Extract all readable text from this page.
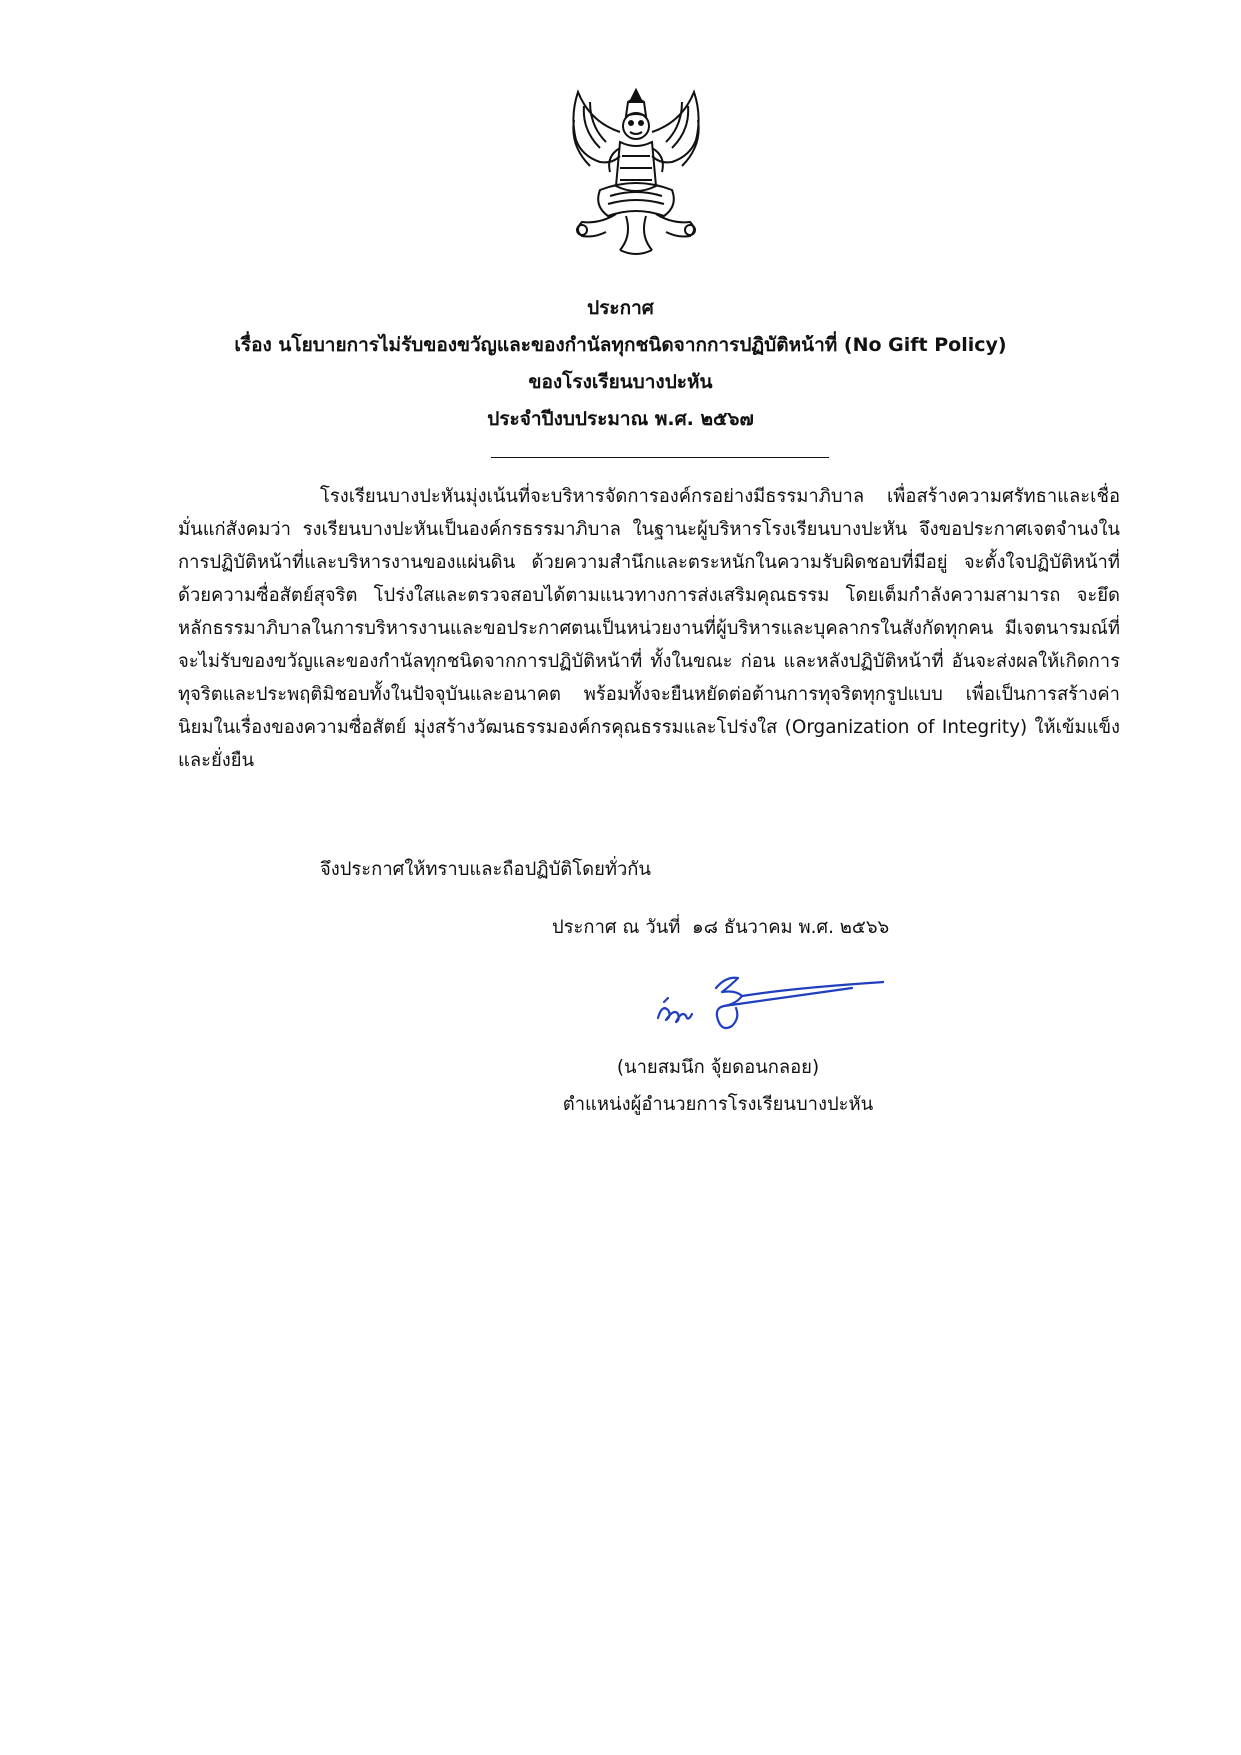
ประกาศ
เรื่อง นโยบายการไม่รับของขวัญและของกำนัลทุกชนิดจากการปฏิบัติหน้าที่ (No Gift Policy)
ของโรงเรียนบางปะหัน
ประจำปีงบประมาณ พ.ศ. ๒๕๖๗

โรงเรียนบางปะหันมุ่งเน้นที่จะบริหารจัดการองค์กรอย่างมีธรรมาภิบาล เพื่อสร้างความศรัทธาและเชื่อมั่นแก่สังคมว่า รงเรียนบางปะหันเป็นองค์กรธรรมาภิบาล ในฐานะผู้บริหารโรงเรียนบางปะหัน จึงขอประกาศเจตจำนงในการปฏิบัติหน้าที่และบริหารงานของแผ่นดิน ด้วยความสำนึกและตระหนักในความรับผิดชอบที่มีอยู่ จะตั้งใจปฏิบัติหน้าที่ด้วยความซื่อสัตย์สุจริต โปร่งใสและตรวจสอบได้ตามแนวทางการส่งเสริมคุณธรรม โดยเต็มกำลังความสามารถ จะยึดหลักธรรมาภิบาลในการบริหารงานและขอประกาศตนเป็นหน่วยงานที่ผู้บริหารและบุคลากรในสังกัดทุกคน มีเจตนารมณ์ที่จะไม่รับของขวัญและของกำนัลทุกชนิดจากการปฏิบัติหน้าที่ ทั้งในขณะ ก่อน และหลังปฏิบัติหน้าที่ อันจะส่งผลให้เกิดการทุจริตและประพฤติมิชอบทั้งในปัจจุบันและอนาคต พร้อมทั้งจะยืนหยัดต่อต้านการทุจริตทุกรูปแบบ เพื่อเป็นการสร้างค่านิยมในเรื่องของความซื่อสัตย์ มุ่งสร้างวัฒนธรรมองค์กรคุณธรรมและโปร่งใส (Organization of Integrity) ให้เข้มแข็งและยั่งยืน

จึงประกาศให้ทราบและถือปฏิบัติโดยทั่วกัน
ประกาศ ณ วันที่  ๑๘ ธันวาคม พ.ศ. ๒๕๖๖
(นายสมนึก จุ้ยดอนกลอย)
ตำแหน่งผู้อำนวยการโรงเรียนบางปะหัน
